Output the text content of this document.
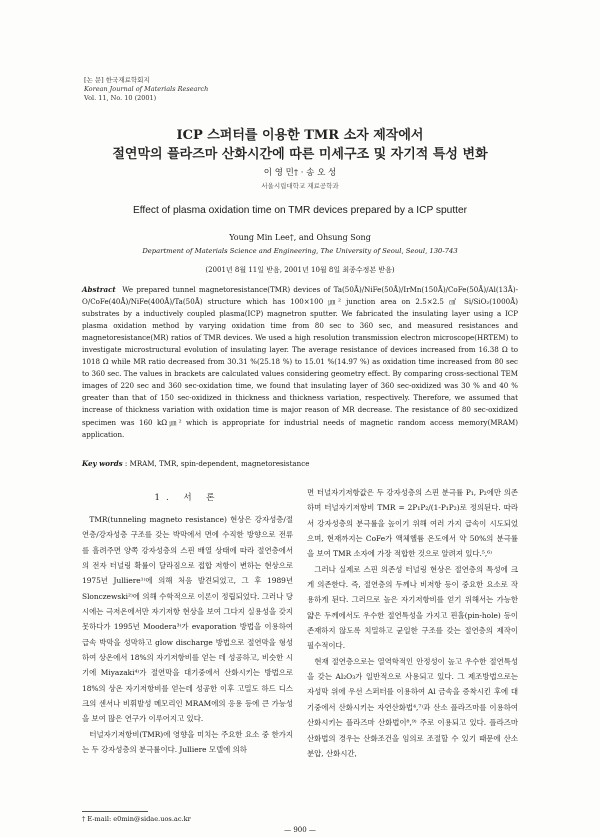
[논 문] 한국재료학회지
Korean Journal of Materials Research
Vol. 11, No. 10 (2001)
ICP 스퍼터를 이용한 TMR 소자 제작에서
절연막의 플라즈마 산화시간에 따른 미세구조 및 자기적 특성 변화
이 영 민† · 송 오 성
서울시립대학교 재료공학과
Effect of plasma oxidation time on TMR devices prepared by a ICP sputter
Young Min Lee†, and Ohsung Song
Department of Materials Science and Engineering, The University of Seoul, Seoul, 130-743
(2001년 8월 11일 받음, 2001년 10월 8일 최종수정본 받음)
Abstract We prepared tunnel magnetoresistance(TMR) devices of Ta(50Å)/NiFe(50Å)/IrMn(150Å)/CoFe(50Å)/Al(13Å)-O/CoFe(40Å)/NiFe(400Å)/Ta(50Å) structure which has 100×100 ㎛² junction area on 2.5×2.5 ㎠ Si/SiO₂(1000Å) substrates by a inductively coupled plasma(ICP) magnetron sputter. We fabricated the insulating layer using a ICP plasma oxidation method by varying oxidation time from 80 sec to 360 sec, and measured resistances and magnetoresistance(MR) ratios of TMR devices. We used a high resolution transmission electron microscope(HRTEM) to investigate microstructural evolution of insulating layer. The average resistance of devices increased from 16.38 Ω to 1018 Ω while MR ratio decreased from 30.31 %(25.18 %) to 15.01 %(14.97 %) as oxidation time increased from 80 sec to 360 sec. The values in brackets are calculated values considering geometry effect. By comparing cross-sectional TEM images of 220 sec and 360 sec-oxidation time, we found that insulating layer of 360 sec-oxidized was 30 % and 40 % greater than that of 150 sec-oxidized in thickness and thickness variation, respectively. Therefore, we assumed that increase of thickness variation with oxidation time is major reason of MR decrease. The resistance of 80 sec-oxidized specimen was 160 kΩ㎛² which is appropriate for industrial needs of magnetic random access memory(MRAM) application.
Key words : MRAM, TMR, spin-dependent, magnetoresistance
1. 서 론

TMR(tunneling magneto resistance) 현상은 강자성층/절연층/강자성층 구조를 갖는 박막에서 면에 수직한 방향으로 전류를 흘려주면 양쪽 강자성층의 스핀 배열 상태에 따라 절연층에서의 전자 터널링 확률이 달라짐으로 접합 저항이 변하는 현상으로 1975년 Julliere¹⁾에 의해 처음 발견되었고, 그 후 1989년 Slonczewski²⁾에 의해 수학적으로 이론이 정립되었다. 그러나 당시에는 극저온에서만 자기저항 현상을 보여 그다지 실용성을 갖지 못하다가 1995년 Moodera³⁾가 evaporation 방법을 이용하여 급속 박막을 성막하고 glow discharge 방법으로 절연막을 형성하여 상온에서 18%의 자기저항비를 얻는 데 성공하고, 비슷한 시기에 Miyazaki⁴⁾가 절연막을 대기중에서 산화시키는 방법으로 18%의 상온 자기저항비를 얻는데 성공한 이후 고밀도 하드 디스크의 센서나 비휘발성 메모리인 MRAM에의 응용 등에 큰 가능성을 보여 많은 연구가 이루어지고 있다.

터널자기저항비(TMR)에 영향을 미치는 주요한 요소 중 한가지는 두 강자성층의 분극률이다. Julliere 모델에 의하

면 터널자기저항값은 두 강자성층의 스핀 분극률 P₁, P₂에만 의존하며 터널자기저항비 TMR = 2P₁P₂/(1-P₁P₂)로 정의된다. 따라서 강자성층의 분극률을 높이기 위해 여러 가지 급속이 시도되었으며, 현재까지는 CoFe가 액체헬륨 온도에서 약 50%의 분극률을 보여 TMR 소자에 가장 적합한 것으로 알려져 있다.⁵,⁶⁾

그러나 실제로 스핀 의존성 터널링 현상은 절연층의 특성에 크게 의존한다. 즉, 절연층의 두께나 비저항 등이 중요한 요소로 작용하게 된다. 그러므로 높은 자기저항비를 얻기 위해서는 가능한 얇은 두께에서도 우수한 절연특성을 가지고 핀홀(pin-hole) 등이 존재하지 않도록 치밀하고 균일한 구조를 갖는 절연층의 제작이 필수적이다.

현재 절연층으로는 열역학적인 안정성이 높고 우수한 절연특성을 갖는 Al₂O₃가 일반적으로 사용되고 있다. 그 제조방법으로는 자성막 위에 우선 스퍼터를 이용하여 Al 금속을 증착시킨 후에 대기중에서 산화시키는 자연산화법⁴,⁷⁾과 산소 플라즈마를 이용하여 산화시키는 플라즈마 산화법이⁸,⁹⁾ 주로 이용되고 있다. 플라즈마 산화법의 경우는 산화조건을 임의로 조절할 수 있기 때문에 산소분압, 산화시간,

† E-mail: e0min@sidae.uos.ac.kr
— 900 —
